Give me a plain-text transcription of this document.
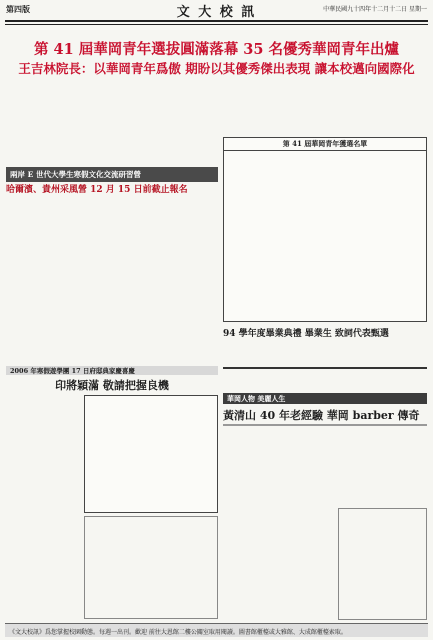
第四版	文 大 校 訊	中華民國九十四年十二月十二日 星期一
第 41 屆華岡青年選拔圓滿落幕 35 名優秀華岡青年出爐
王吉林院長：以華岡青年爲傲 期盼以其優秀傑出表現 讓本校邁向國際化
第 41 屆華岡青年獲選名單
兩岸 E 世代大學生寒假文化交流研習營
哈爾濱、貴州采風營 12 月 15 日前截止報名
94 學年度畢業典禮 畢業生 致詞代表甄選
2006 年寒假遊學團 17 日府邸典家慶喜慶
印將穎滿 敬請把握良機
華岡人物 美麗人生
黃清山 40 年老經驗 華岡 barber 傳奇
《文大校訊》爲您掌握校園動態。每週一出刊。歡迎 前往大恩館二樓公關室取用閱讀。圖書館櫃檯或大雅館、大成館櫃檯索取。
